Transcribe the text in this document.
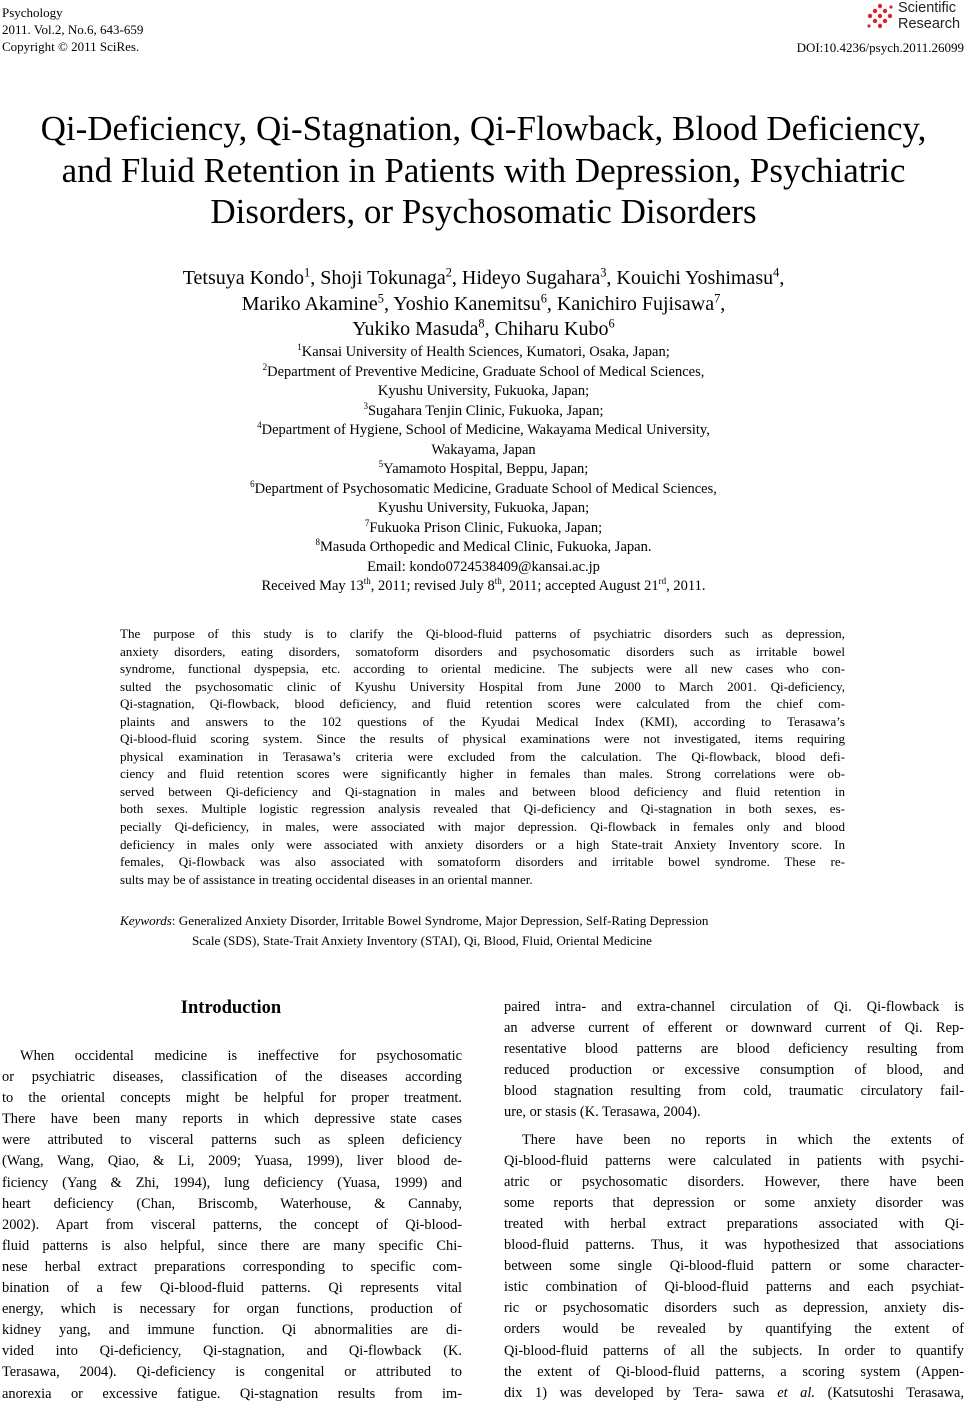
Psychology
2011. Vol.2, No.6, 643-659
Copyright © 2011 SciRes.
Scientific
Research
DOI:10.4236/psych.2011.26099
Qi-Deficiency, Qi-Stagnation, Qi-Flowback, Blood Deficiency,
and Fluid Retention in Patients with Depression, Psychiatric
Disorders, or Psychosomatic Disorders
Tetsuya Kondo$^1$, Shoji Tokunaga$^2$, Hideyo Sugahara$^3$, Kouichi Yoshimasu$^4$,
Mariko Akamine$^5$, Yoshio Kanemitsu$^6$, Kanichiro Fujisawa$^7$,
Yukiko Masuda$^8$, Chiharu Kubo$^6$
$^1$Kansai University of Health Sciences, Kumatori, Osaka, Japan;
$^2$Department of Preventive Medicine, Graduate School of Medical Sciences,
Kyushu University, Fukuoka, Japan;
$^3$Sugahara Tenjin Clinic, Fukuoka, Japan;
$^4$Department of Hygiene, School of Medicine, Wakayama Medical University,
Wakayama, Japan
$^5$Yamamoto Hospital, Beppu, Japan;
$^6$Department of Psychosomatic Medicine, Graduate School of Medical Sciences,
Kyushu University, Fukuoka, Japan;
$^7$Fukuoka Prison Clinic, Fukuoka, Japan;
$^8$Masuda Orthopedic and Medical Clinic, Fukuoka, Japan.
Email: kondo0724538409@kansai.ac.jp
Received May 13th, 2011; revised July 8th, 2011; accepted August 21rd, 2011.
The purpose of this study is to clarify the Qi-blood-fluid patterns of psychiatric disorders such as depression,
anxiety disorders, eating disorders, somatoform disorders and psychosomatic disorders such as irritable bowel
syndrome, functional dyspepsia, etc. according to oriental medicine. The subjects were all new cases who con-
sulted the psychosomatic clinic of Kyushu University Hospital from June 2000 to March 2001. Qi-deficiency,
Qi-stagnation, Qi-flowback, blood deficiency, and fluid retention scores were calculated from the chief com-
plaints and answers to the 102 questions of the Kyudai Medical Index (KMI), according to Terasawa’s
Qi-blood-fluid scoring system. Since the results of physical examinations were not investigated, items requiring
physical examination in Terasawa’s criteria were excluded from the calculation. The Qi-flowback, blood defi-
ciency and fluid retention scores were significantly higher in females than males. Strong correlations were ob-
served between Qi-deficiency and Qi-stagnation in males and between blood deficiency and fluid retention in
both sexes. Multiple logistic regression analysis revealed that Qi-deficiency and Qi-stagnation in both sexes, es-
pecially Qi-deficiency, in males, were associated with major depression. Qi-flowback in females only and blood
deficiency in males only were associated with anxiety disorders or a high State-trait Anxiety Inventory score. In
females, Qi-flowback was also associated with somatoform disorders and irritable bowel syndrome. These re-
sults may be of assistance in treating occidental diseases in an oriental manner.
Keywords: Generalized Anxiety Disorder, Irritable Bowel Syndrome, Major Depression, Self-Rating Depression
Scale (SDS), State-Trait Anxiety Inventory (STAI), Qi, Blood, Fluid, Oriental Medicine
Introduction
When occidental medicine is ineffective for psychosomatic
or psychiatric diseases, classification of the diseases according
to the oriental concepts might be helpful for proper treatment.
There have been many reports in which depressive state cases
were attributed to visceral patterns such as spleen deficiency
(Wang, Wang, Qiao, & Li, 2009; Yuasa, 1999), liver blood de-
ficiency (Yang & Zhi, 1994), lung deficiency (Yuasa, 1999) and
heart deficiency (Chan, Briscomb, Waterhouse, & Cannaby,
2002). Apart from visceral patterns, the concept of Qi-blood-
fluid patterns is also helpful, since there are many specific Chi-
nese herbal extract preparations corresponding to specific com-
bination of a few Qi-blood-fluid patterns. Qi represents vital
energy, which is necessary for organ functions, production of
kidney yang, and immune function. Qi abnormalities are di-
vided into Qi-deficiency, Qi-stagnation, and Qi-flowback (K.
Terasawa, 2004). Qi-deficiency is congenital or attributed to
anorexia or excessive fatigue. Qi-stagnation results from im-
paired intra- and extra-channel circulation of Qi. Qi-flowback is
an adverse current of efferent or downward current of Qi. Rep-
resentative blood patterns are blood deficiency resulting from
reduced production or excessive consumption of blood, and
blood stagnation resulting from cold, traumatic circulatory fail-
ure, or stasis (K. Terasawa, 2004).
There have been no reports in which the extents of
Qi-blood-fluid patterns were calculated in patients with psychi-
atric or psychosomatic disorders. However, there have been
some reports that depression or some anxiety disorder was
treated with herbal extract preparations associated with Qi-
blood-fluid patterns. Thus, it was hypothesized that associations
between some single Qi-blood-fluid pattern or some character-
istic combination of Qi-blood-fluid patterns and each psychiat-
ric or psychosomatic disorders such as depression, anxiety dis-
orders would be revealed by quantifying the extent of
Qi-blood-fluid patterns of all the subjects. In order to quantify
the extent of Qi-blood-fluid patterns, a scoring system (Appen-
dix 1) was developed by Tera- sawa et al. (Katsutoshi Terasawa,
